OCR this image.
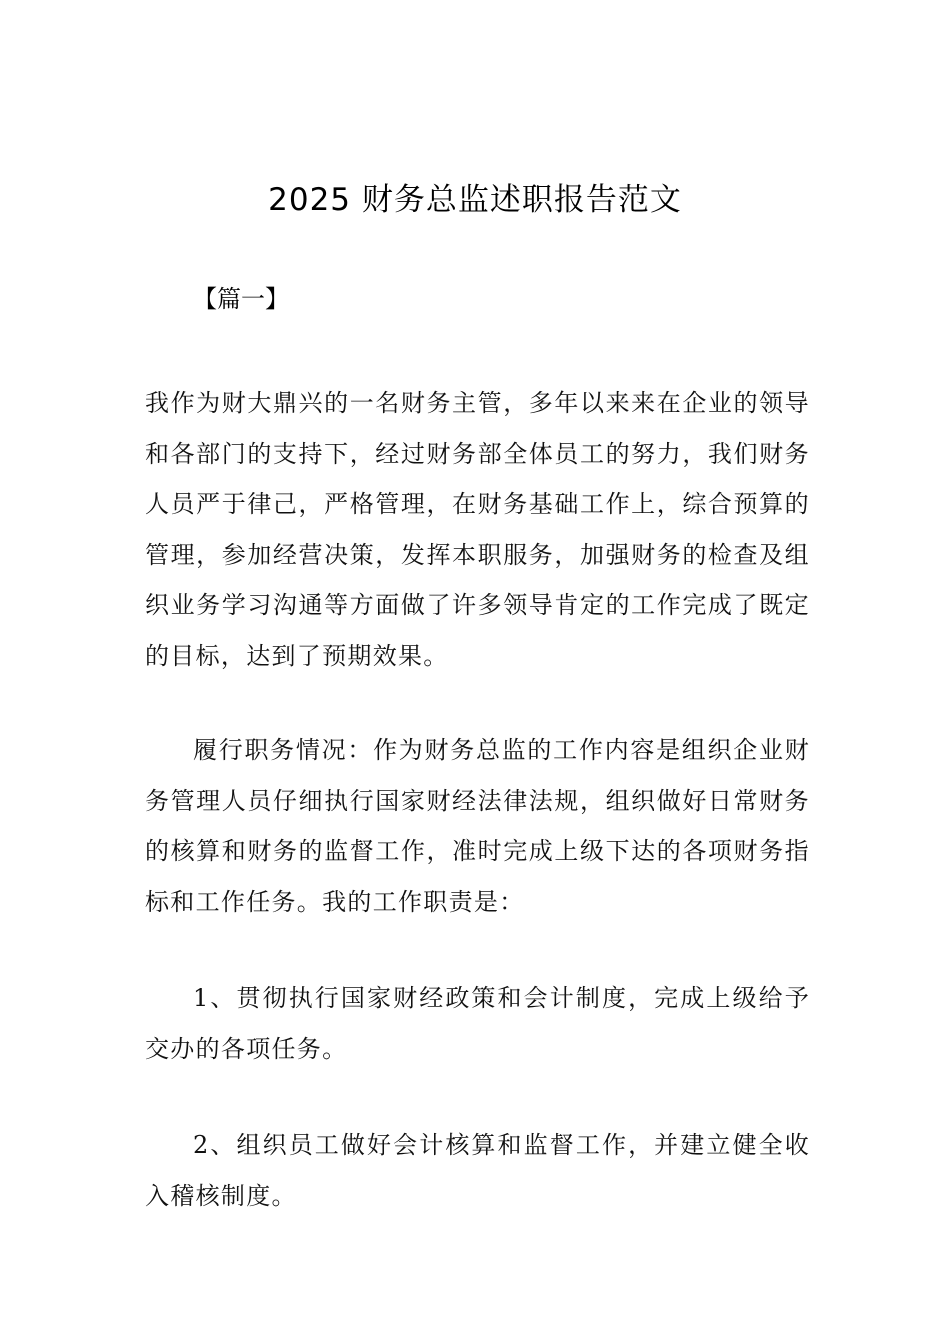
2025 财务总监述职报告范文
【篇一】

我作为财大鼎兴的一名财务主管，多年以来来在企业的领导和各部门的支持下，经过财务部全体员工的努力，我们财务人员严于律己，严格管理，在财务基础工作上，综合预算的管理，参加经营决策，发挥本职服务，加强财务的检查及组织业务学习沟通等方面做了许多领导肯定的工作完成了既定的目标，达到了预期效果。

履行职务情况：作为财务总监的工作内容是组织企业财务管理人员仔细执行国家财经法律法规，组织做好日常财务的核算和财务的监督工作，准时完成上级下达的各项财务指标和工作任务。我的工作职责是：

1、贯彻执行国家财经政策和会计制度，完成上级给予交办的各项任务。

2、组织员工做好会计核算和监督工作，并建立健全收入稽核制度。
